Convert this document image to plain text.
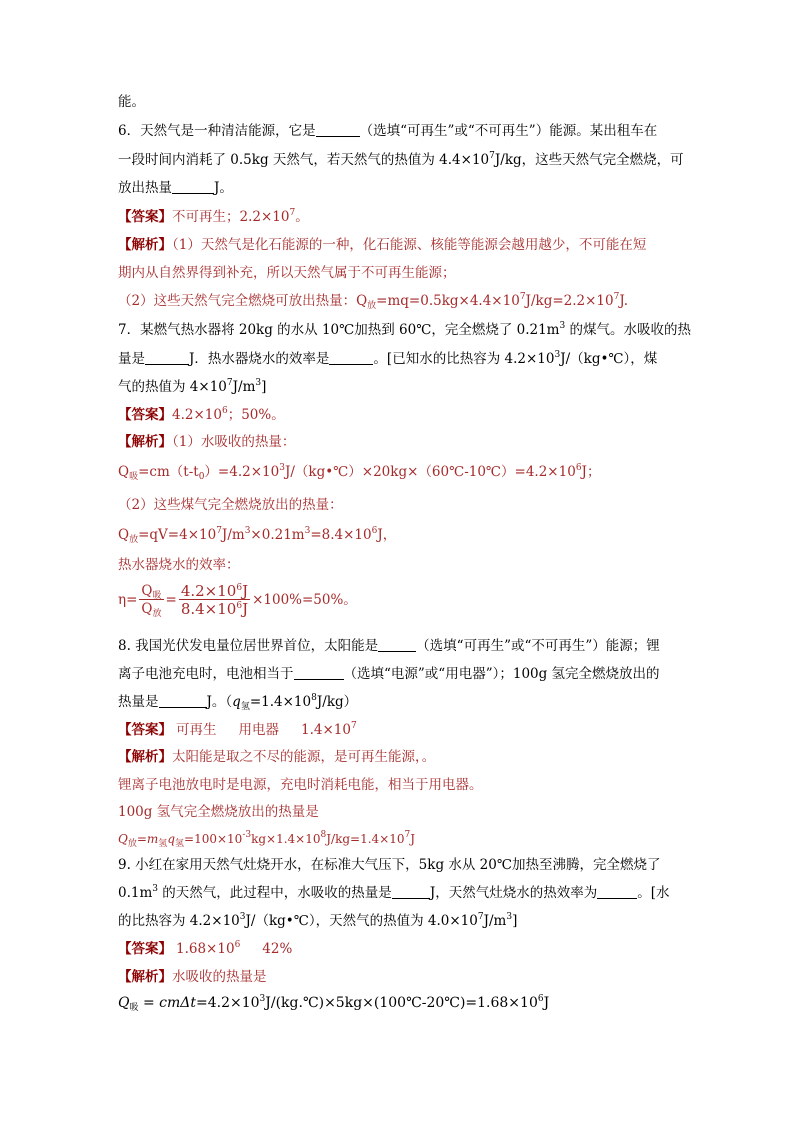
能。
6．天然气是一种清洁能源，它是	（选填“可再生”或“不可再生”）能源。某出租车在
一段时间内消耗了 0.5kg 天然气，若天然气的热值为 $4.4\times 10^7J/kg$，这些天然气完全燃烧，可
放出热量	J。
【答案】不可再生；$2.2\times 10^7$。
【解析】（1）天然气是化石能源的一种，化石能源、核能等能源会越用越少，不可能在短
期内从自然界得到补充，所以天然气属于不可再生能源；
（2）这些天然气完全燃烧可放出热量：$Q_放=mq=0.5kg\times 4.4\times 10^7J/kg=2.2\times 10^7J$.
7．某燃气热水器将 20kg 的水从 10℃加热到 60℃，完全燃烧了 $0.21m^3$ 的煤气。水吸收的热
量是	J．热水器烧水的效率是	。[已知水的比热容为 $4.2\times 10^3J/(kg•℃)$，煤
气的热值为 $4\times 10^7J/m^3$]
【答案】$4.2\times 10^6$；50%。
【解析】（1）水吸收的热量：
$Q_吸=cm(t-t_0)=4.2\times 10^3J/(kg•℃)\times 20kg\times(60℃-10℃)=4.2\times 10^6J$；
（2）这些煤气完全燃烧放出的热量：
$Q_放=qV=4\times 10^7J/m^3\times 0.21m^3=8.4\times 10^6J$，
热水器烧水的效率：
$\eta= \frac{Q_吸}{Q_放} = \frac{4.2\times 10^6J}{8.4\times 10^6J} \times 100\%=50\%$。
8. 我国光伏发电量位居世界首位，太阳能是	（选填“可再生”或“不可再生”）能源；锂
离子电池充电时，电池相当于	（选填“电源”或“用电器”）；100g 氢完全燃烧放出的
热量是	J。$(q_氢=1.4\times 10^8J/kg)$
【答案】 可再生 用电器 $1.4\times 10^7$
【解析】太阳能是取之不尽的能源，是可再生能源，。
锂离子电池放电时是电源，充电时消耗电能，相当于用电器。
100g 氢气完全燃烧放出的热量是
$Q_放=m_氢q_氢=100\times 10^{-3}kg\times 1.4\times 10^8J/kg=1.4\times 10^7J$
9. 小红在家用天然气灶烧开水，在标准大气压下，5kg 水从 20℃加热至沸腾，完全燃烧了
$0.1m^3$ 的天然气，此过程中，水吸收的热量是	J，天然气灶烧水的热效率为	。[水
的比热容为 $4.2\times 10^3J/(kg•℃)$，天然气的热值为 $4.0\times 10^7J/m^3$]
【答案】 $1.68\times 10^6$ 42%
【解析】水吸收的热量是
$Q_吸$ = $cm\Delta t=4.2\times 10^3J/(kg.℃)\times 5kg\times(100℃-20℃)=1.68\times 10^6J$
